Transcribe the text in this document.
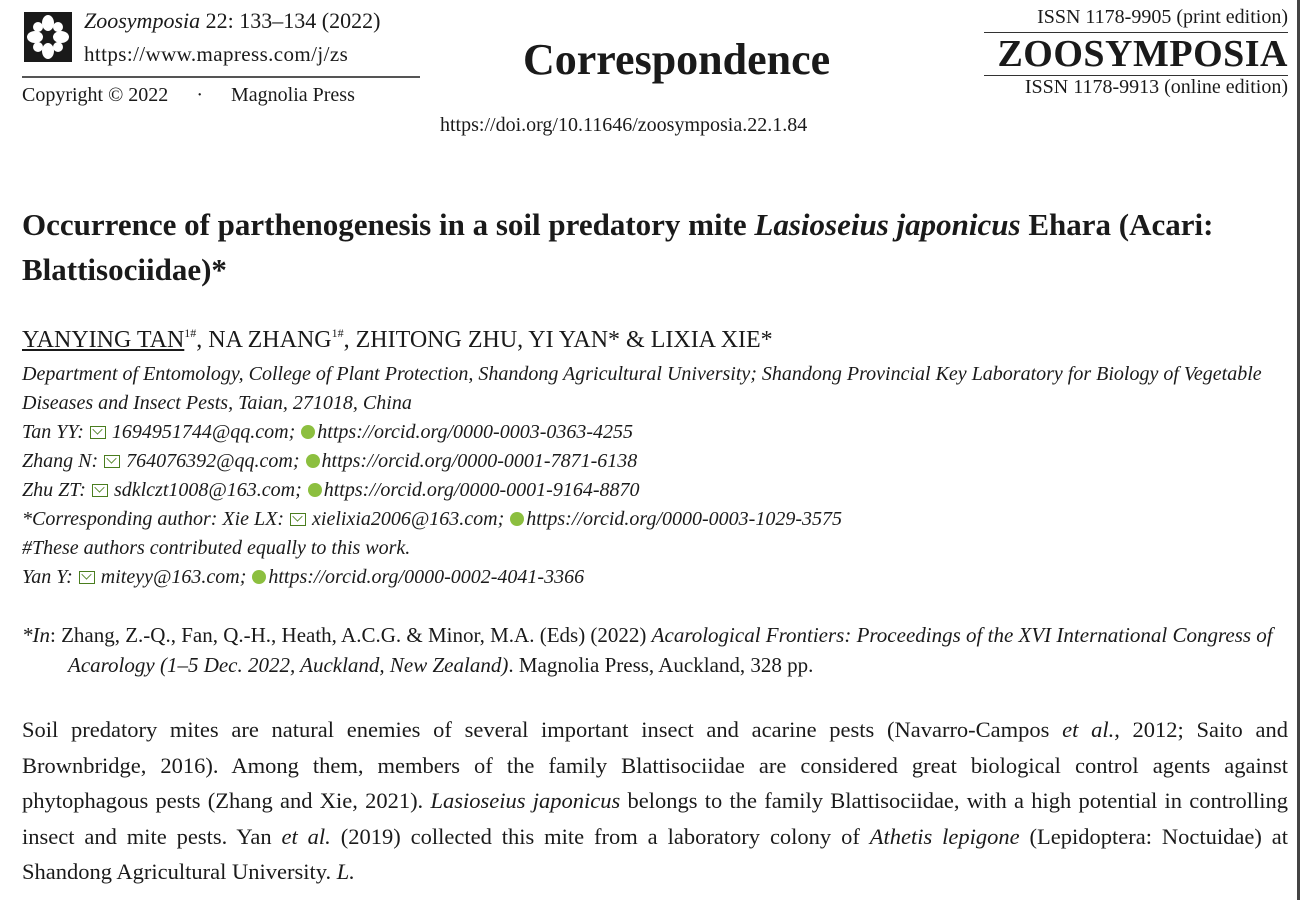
Zoosymposia 22: 133–134 (2022)
https://www.mapress.com/j/zs
Copyright © 2022 · Magnolia Press
Correspondence
ISSN 1178-9905 (print edition)
ZOOSYMPOSIA
ISSN 1178-9913 (online edition)
https://doi.org/10.11646/zoosymposia.22.1.84
Occurrence of parthenogenesis in a soil predatory mite Lasioseius japonicus Ehara (Acari: Blattisociidae)*
YANYING $TAN^{1\#}$, NA $ZHANG^{1\#}$, ZHITONG ZHU, YI YAN* & LIXIA XIE*
Department of Entomology, College of Plant Protection, Shandong Agricultural University; Shandong Provincial Key Laboratory for Biology of Vegetable Diseases and Insect Pests, Taian, 271018, China
Tan YY: 1694951744@qq.com; https://orcid.org/0000-0003-0363-4255
Zhang N: 764076392@qq.com; https://orcid.org/0000-0001-7871-6138
Zhu ZT: sdklczt1008@163.com; https://orcid.org/0000-0001-9164-8870
*Corresponding author: Xie LX: xielixia2006@163.com; https://orcid.org/0000-0003-1029-3575
#These authors contributed equally to this work.
Yan Y: miteyy@163.com; https://orcid.org/0000-0002-4041-3366
*In: Zhang, Z.-Q., Fan, Q.-H., Heath, A.C.G. & Minor, M.A. (Eds) (2022) Acarological Frontiers: Proceedings of the XVI International Congress of Acarology (1–5 Dec. 2022, Auckland, New Zealand). Magnolia Press, Auckland, 328 pp.
Soil predatory mites are natural enemies of several important insect and acarine pests (Navarro-Campos et al., 2012; Saito and Brownbridge, 2016). Among them, members of the family Blattisociidae are considered great biological control agents against phytophagous pests (Zhang and Xie, 2021). Lasioseius japonicus belongs to the family Blattisociidae, with a high potential in controlling insect and mite pests. Yan et al. (2019) collected this mite from a laboratory colony of Athetis lepigone (Lepidoptera: Noctuidae) at Shandong Agricultural University. L.
